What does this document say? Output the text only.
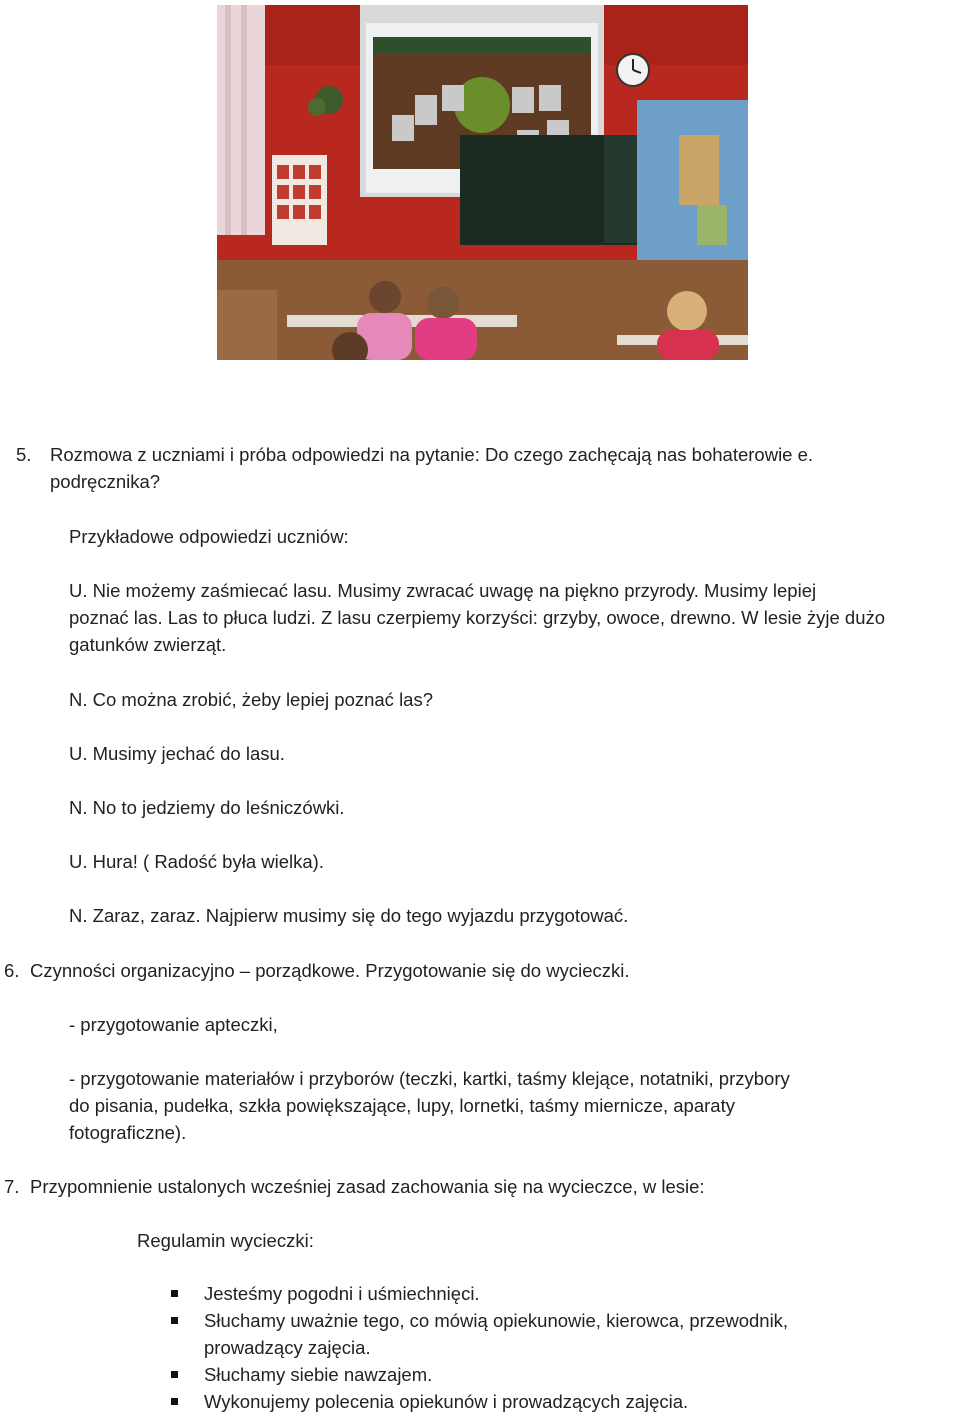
5. Rozmowa z uczniami i próba odpowiedzi na pytanie: Do czego zachęcają nas bohaterowie e.
podręcznika?
Przykładowe odpowiedzi uczniów:
U. Nie możemy zaśmiecać lasu. Musimy zwracać uwagę na piękno przyrody. Musimy lepiej
poznać las. Las to płuca ludzi. Z lasu czerpiemy korzyści: grzyby, owoce, drewno. W lesie żyje dużo
gatunków zwierząt.
N. Co można zrobić, żeby lepiej poznać las?
U. Musimy jechać do lasu.
N. No to jedziemy do leśniczówki.
U. Hura! ( Radość była wielka).
N. Zaraz, zaraz. Najpierw musimy się do tego wyjazdu przygotować.
6. Czynności organizacyjno – porządkowe. Przygotowanie się do wycieczki.
- przygotowanie apteczki,
- przygotowanie materiałów i przyborów (teczki, kartki, taśmy klejące, notatniki, przybory
do pisania, pudełka, szkła powiększające, lupy, lornetki, taśmy miernicze, aparaty
fotograficzne).
7. Przypomnienie ustalonych wcześniej zasad zachowania się na wycieczce, w lesie:
Regulamin wycieczki:
Jesteśmy pogodni i uśmiechnięci.
Słuchamy uważnie tego, co mówią opiekunowie, kierowca, przewodnik,
prowadzący zajęcia.
Słuchamy siebie nawzajem.
Wykonujemy polecenia opiekunów i prowadzących zajęcia.
